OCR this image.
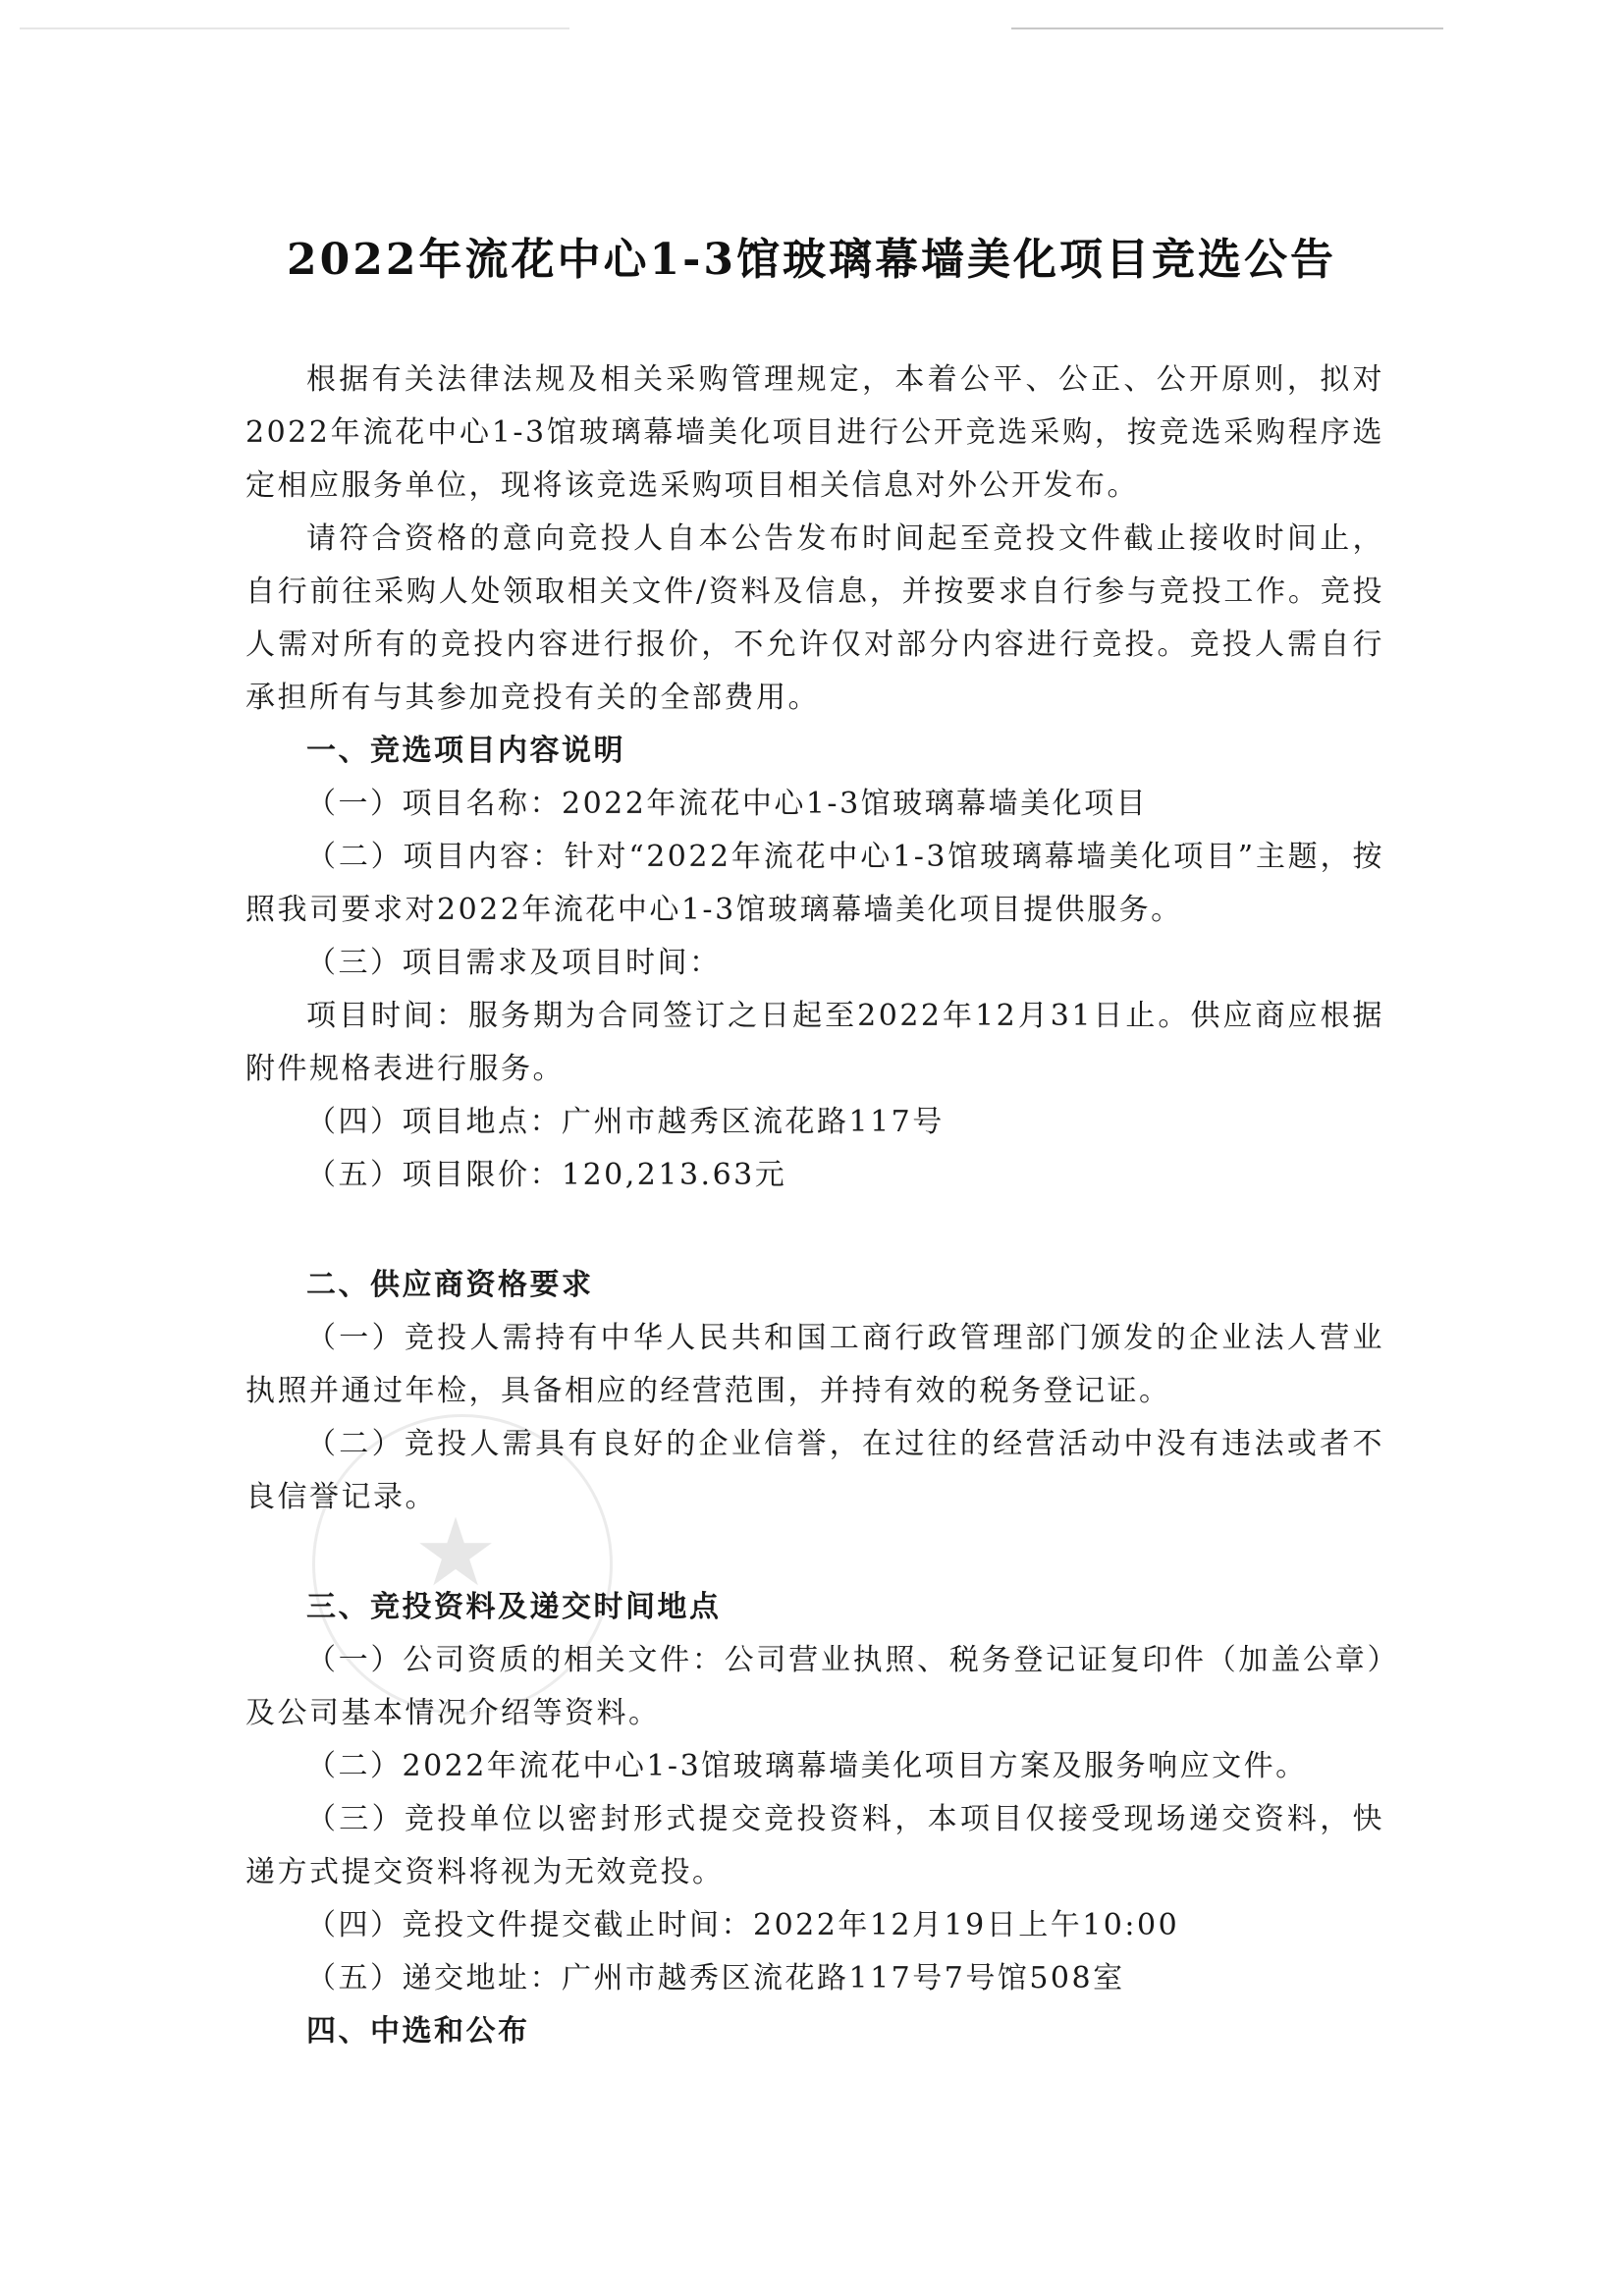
★
2022年流花中心1-3馆玻璃幕墙美化项目竞选公告

根据有关法律法规及相关采购管理规定，本着公平、公正、公开原则，拟对2022年流花中心1-3馆玻璃幕墙美化项目进行公开竞选采购，按竞选采购程序选定相应服务单位，现将该竞选采购项目相关信息对外公开发布。

请符合资格的意向竞投人自本公告发布时间起至竞投文件截止接收时间止，自行前往采购人处领取相关文件/资料及信息，并按要求自行参与竞投工作。竞投人需对所有的竞投内容进行报价，不允许仅对部分内容进行竞投。竞投人需自行承担所有与其参加竞投有关的全部费用。

一、竞选项目内容说明

（一）项目名称：2022年流花中心1-3馆玻璃幕墙美化项目

（二）项目内容：针对“2022年流花中心1-3馆玻璃幕墙美化项目”主题，按照我司要求对2022年流花中心1-3馆玻璃幕墙美化项目提供服务。

（三）项目需求及项目时间：

项目时间：服务期为合同签订之日起至2022年12月31日止。供应商应根据附件规格表进行服务。

（四）项目地点：广州市越秀区流花路117号

（五）项目限价：120,213.63元

二、供应商资格要求

（一）竞投人需持有中华人民共和国工商行政管理部门颁发的企业法人营业执照并通过年检，具备相应的经营范围，并持有效的税务登记证。

（二）竞投人需具有良好的企业信誉，在过往的经营活动中没有违法或者不良信誉记录。

三、竞投资料及递交时间地点

（一）公司资质的相关文件：公司营业执照、税务登记证复印件（加盖公章）及公司基本情况介绍等资料。

（二）2022年流花中心1-3馆玻璃幕墙美化项目方案及服务响应文件。

（三）竞投单位以密封形式提交竞投资料，本项目仅接受现场递交资料，快递方式提交资料将视为无效竞投。

（四）竞投文件提交截止时间：2022年12月19日上午10:00

（五）递交地址：广州市越秀区流花路117号7号馆508室

四、中选和公布
